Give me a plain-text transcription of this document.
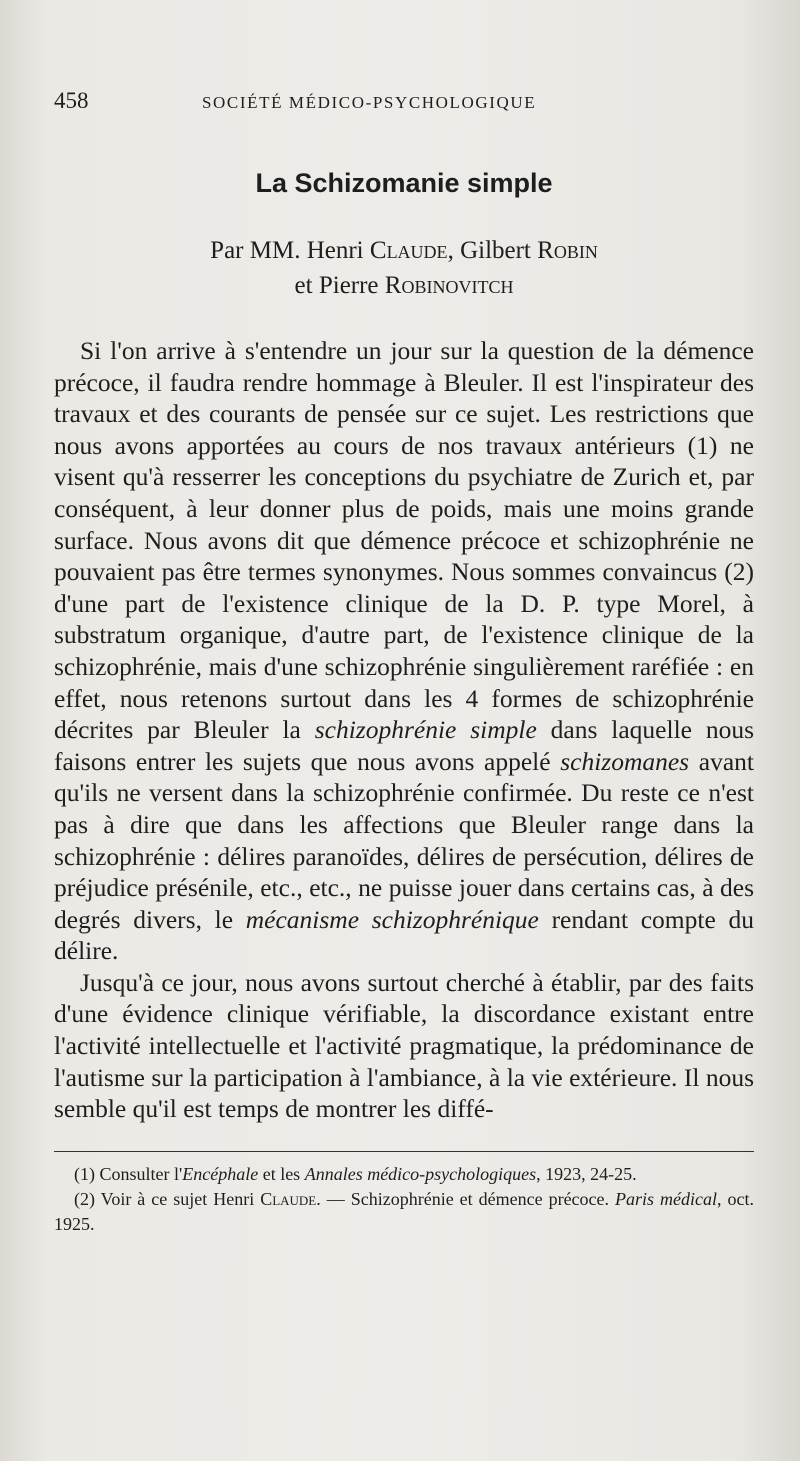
458	SOCIÉTÉ MÉDICO-PSYCHOLOGIQUE
La Schizomanie simple
Par MM. Henri Claude, Gilbert Robin
et Pierre Robinovitch

Si l'on arrive à s'entendre un jour sur la question de la démence précoce, il faudra rendre hommage à Bleuler. Il est l'inspirateur des travaux et des courants de pensée sur ce sujet. Les restrictions que nous avons apportées au cours de nos travaux antérieurs (1) ne visent qu'à resserrer les conceptions du psychiatre de Zurich et, par conséquent, à leur donner plus de poids, mais une moins grande surface. Nous avons dit que démence précoce et schizophrénie ne pouvaient pas être termes synonymes. Nous sommes convaincus (2) d'une part de l'existence clinique de la D. P. type Morel, à substratum organique, d'autre part, de l'existence clinique de la schizophrénie, mais d'une schizophrénie singulièrement raréfiée : en effet, nous retenons surtout dans les 4 formes de schizophrénie décrites par Bleuler la schizophrénie simple dans laquelle nous faisons entrer les sujets que nous avons appelé schizomanes avant qu'ils ne versent dans la schizophrénie confirmée. Du reste ce n'est pas à dire que dans les affections que Bleuler range dans la schizophrénie : délires paranoïdes, délires de persécution, délires de préjudice présénile, etc., etc., ne puisse jouer dans certains cas, à des degrés divers, le mécanisme schizophrénique rendant compte du délire.

Jusqu'à ce jour, nous avons surtout cherché à établir, par des faits d'une évidence clinique vérifiable, la discordance existant entre l'activité intellectuelle et l'activité pragmatique, la prédominance de l'autisme sur la participation à l'ambiance, à la vie extérieure. Il nous semble qu'il est temps de montrer les diffé-

(1) Consulter l'Encéphale et les Annales médico-psychologiques, 1923, 24-25.

(2) Voir à ce sujet Henri Claude. — Schizophrénie et démence précoce. Paris médical, oct. 1925.
